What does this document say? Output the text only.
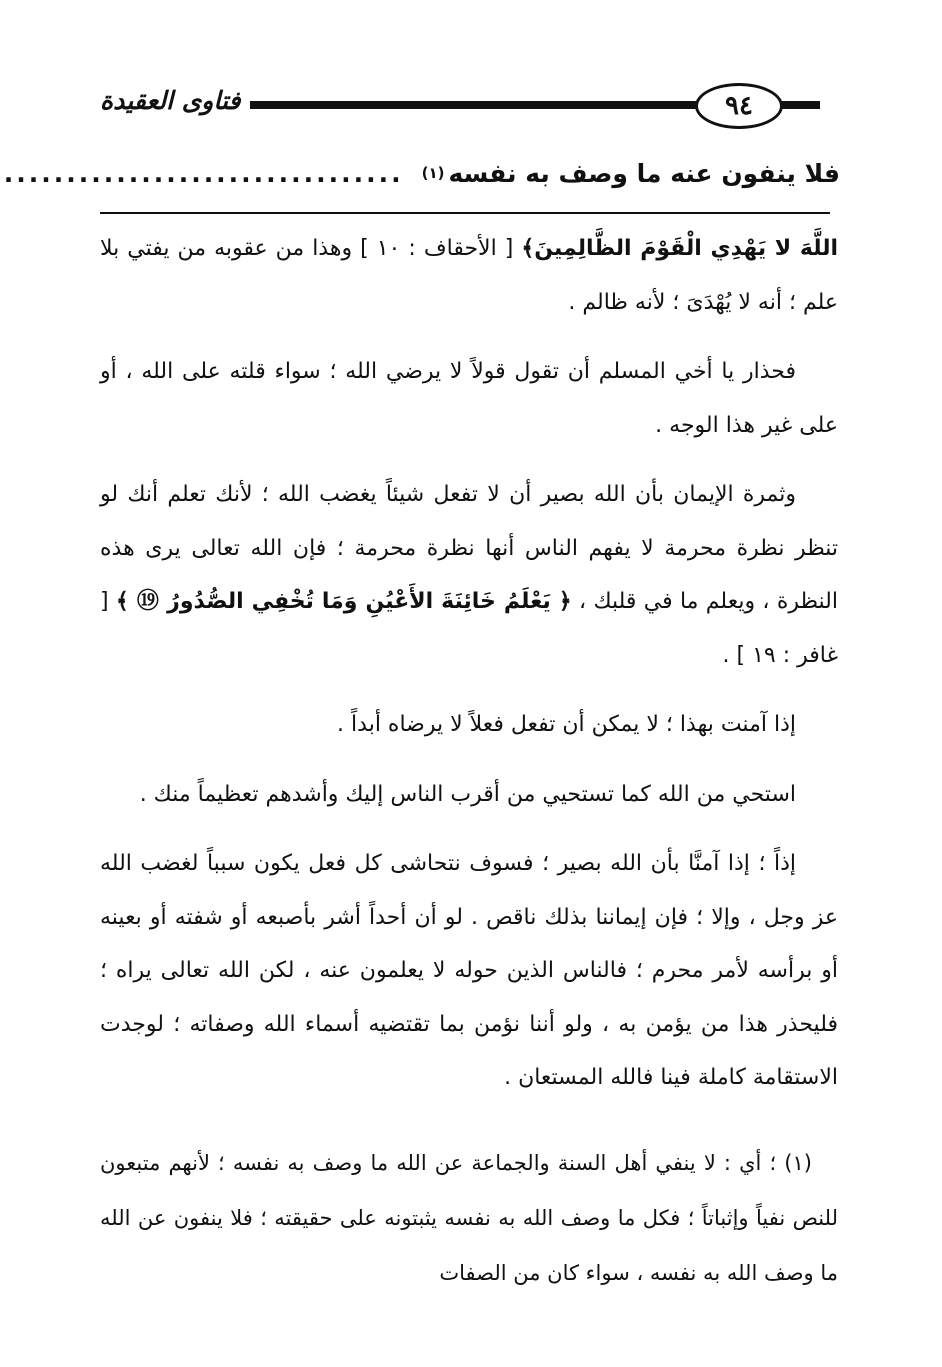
فتاوى العقيدة	٩٤
فلا ينفون عنه ما وصف به نفسه
(١)
................................

اللَّهَ لا يَهْدِي الْقَوْمَ الظَّالِمِينَ﴾ [ الأحقاف : ١٠ ] وهذا من عقوبه من يفتي بلا علم ؛ أنه لا يُهْدَىَ ؛ لأنه ظالم .

فحذار يا أخي المسلم أن تقول قولاً لا يرضي الله ؛ سواء قلته على الله ، أو على غير هذا الوجه .

وثمرة الإيمان بأن الله بصير أن لا تفعل شيئاً يغضب الله ؛ لأنك تعلم أنك لو تنظر نظرة محرمة لا يفهم الناس أنها نظرة محرمة ؛ فإن الله تعالى يرى هذه النظرة ، ويعلم ما في قلبك ، ﴿ يَعْلَمُ خَائِنَةَ الأَعْيُنِ وَمَا تُخْفِي الصُّدُورُ ⑲ ﴾ [ غافر : ١٩ ] .

إذا آمنت بهذا ؛ لا يمكن أن تفعل فعلاً لا يرضاه أبداً .

استحي من الله كما تستحيي من أقرب الناس إليك وأشدهم تعظيماً منك .

إذاً ؛ إذا آمنَّا بأن الله بصير ؛ فسوف نتحاشى كل فعل يكون سبباً لغضب الله عز وجل ، وإلا ؛ فإن إيماننا بذلك ناقص . لو أن أحداً أشر بأصبعه أو شفته أو بعينه أو برأسه لأمر محرم ؛ فالناس الذين حوله لا يعلمون عنه ، لكن الله تعالى يراه ؛ فليحذر هذا من يؤمن به ، ولو أننا نؤمن بما تقتضيه أسماء الله وصفاته ؛ لوجدت الاستقامة كاملة فينا فالله المستعان .

(١) ؛ أي : لا ينفي أهل السنة والجماعة عن الله ما وصف به نفسه ؛ لأنهم متبعون للنص نفياً وإثباتاً ؛ فكل ما وصف الله به نفسه يثبتونه على حقيقته ؛ فلا ينفون عن الله ما وصف الله به نفسه ، سواء كان من الصفات
